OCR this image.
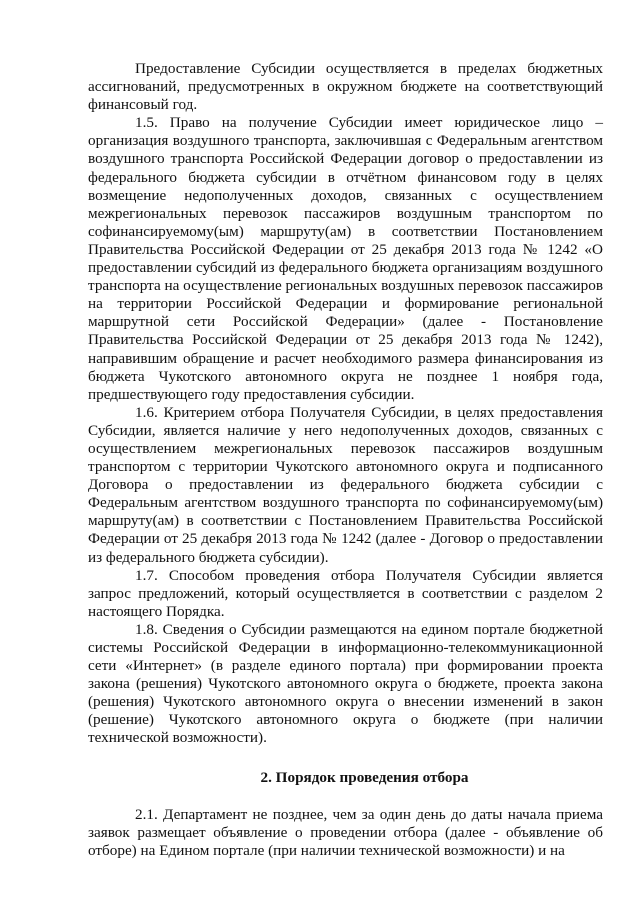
Предоставление Субсидии осуществляется в пределах бюджетных ассигнований, предусмотренных в окружном бюджете на соответствующий финансовый год.

1.5. Право на получение Субсидии имеет юридическое лицо – организация воздушного транспорта, заключившая с Федеральным агентством воздушного транспорта Российской Федерации договор о предоставлении из федерального бюджета субсидии в отчётном финансовом году в целях возмещение недополученных доходов, связанных с осуществлением межрегиональных перевозок пассажиров воздушным транспортом по софинансируемому(ым) маршруту(ам) в соответствии Постановлением Правительства Российской Федерации от 25 декабря 2013 года № 1242 «О предоставлении субсидий из федерального бюджета организациям воздушного транспорта на осуществление региональных воздушных перевозок пассажиров на территории Российской Федерации и формирование региональной маршрутной сети Российской Федерации» (далее - Постановление Правительства Российской Федерации от 25 декабря 2013 года № 1242), направившим обращение и расчет необходимого размера финансирования из бюджета Чукотского автономного округа не позднее 1 ноября года, предшествующего году предоставления субсидии.

1.6. Критерием отбора Получателя Субсидии, в целях предоставления Субсидии, является наличие у него недополученных доходов, связанных с осуществлением межрегиональных перевозок пассажиров воздушным транспортом с территории Чукотского автономного округа и подписанного Договора о предоставлении из федерального бюджета субсидии с Федеральным агентством воздушного транспорта по софинансируемому(ым) маршруту(ам) в соответствии с Постановлением Правительства Российской Федерации от 25 декабря 2013 года № 1242 (далее - Договор о предоставлении из федерального бюджета субсидии).

1.7. Способом проведения отбора Получателя Субсидии является запрос предложений, который осуществляется в соответствии с разделом 2 настоящего Порядка.

1.8. Сведения о Субсидии размещаются на едином портале бюджетной системы Российской Федерации в информационно-телекоммуникационной сети «Интернет» (в разделе единого портала) при формировании проекта закона (решения) Чукотского автономного округа о бюджете, проекта закона (решения) Чукотского автономного округа о внесении изменений в закон (решение) Чукотского автономного округа о бюджете (при наличии технической возможности).

2. Порядок проведения отбора

2.1. Департамент не позднее, чем за один день до даты начала приема заявок размещает объявление о проведении отбора (далее - объявление об отборе) на Едином портале (при наличии технической возможности) и на
